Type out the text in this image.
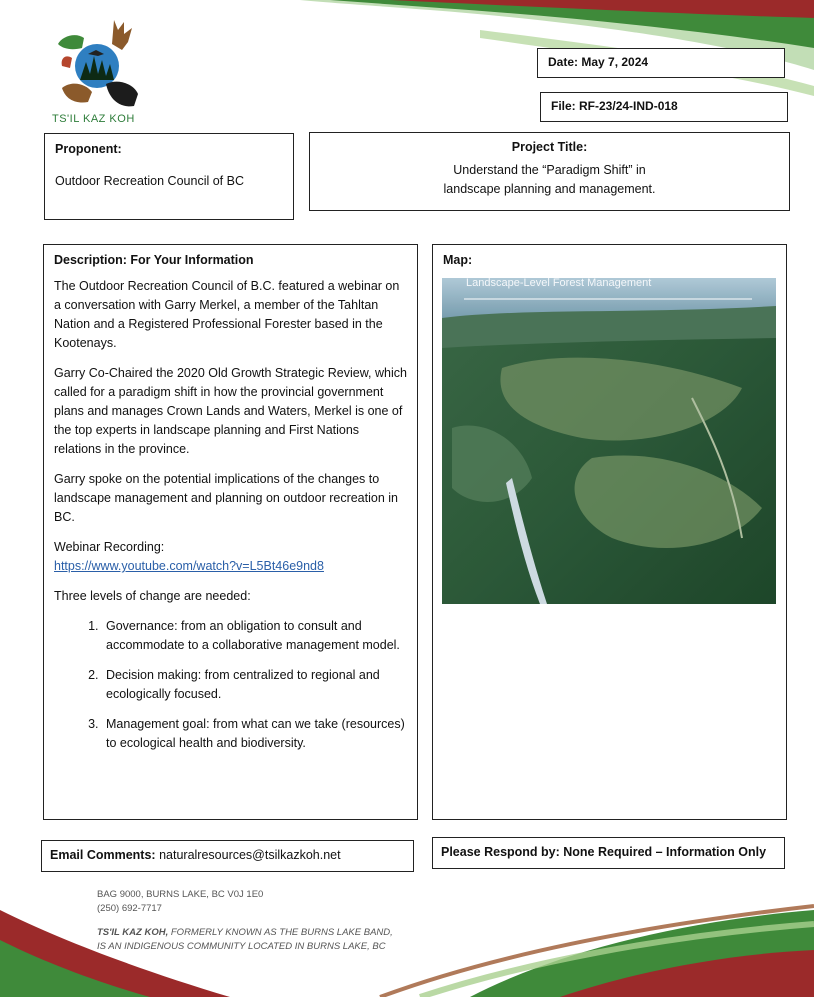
TS'IL KAZ KOH
Date: May 7, 2024
File: RF-23/24-IND-018
Proponent:
Outdoor Recreation Council of BC
Project Title:
Understand the “Paradigm Shift” in
landscape planning and management.
Description: For Your Information

The Outdoor Recreation Council of B.C. featured a webinar on a conversation with Garry Merkel, a member of the Tahltan Nation and a Registered Professional Forester based in the Kootenays.

Garry Co-Chaired the 2020 Old Growth Strategic Review, which called for a paradigm shift in how the provincial government plans and manages Crown Lands and Waters, Merkel is one of the top experts in landscape planning and First Nations relations in the province.

Garry spoke on the potential implications of the changes to landscape management and planning on outdoor recreation in BC.

Webinar Recording:

https://www.youtube.com/watch?v=L5Bt46e9nd8

Three levels of change are needed:

1. Governance: from an obligation to consult and accommodate to a collaborative management model.
2. Decision making: from centralized to regional and ecologically focused.
3. Management goal: from what can we take (resources) to ecological health and biodiversity.
Map:
Landscape-Level Forest Management
Email Comments: naturalresources@tsilkazkoh.net	Please Respond by: None Required – Information Only
BAG 9000, BURNS LAKE, BC V0J 1E0
(250) 692-7717
TS'IL KAZ KOH, FORMERLY KNOWN AS THE BURNS LAKE BAND,
IS AN INDIGENOUS COMMUNITY LOCATED IN BURNS LAKE, BC
